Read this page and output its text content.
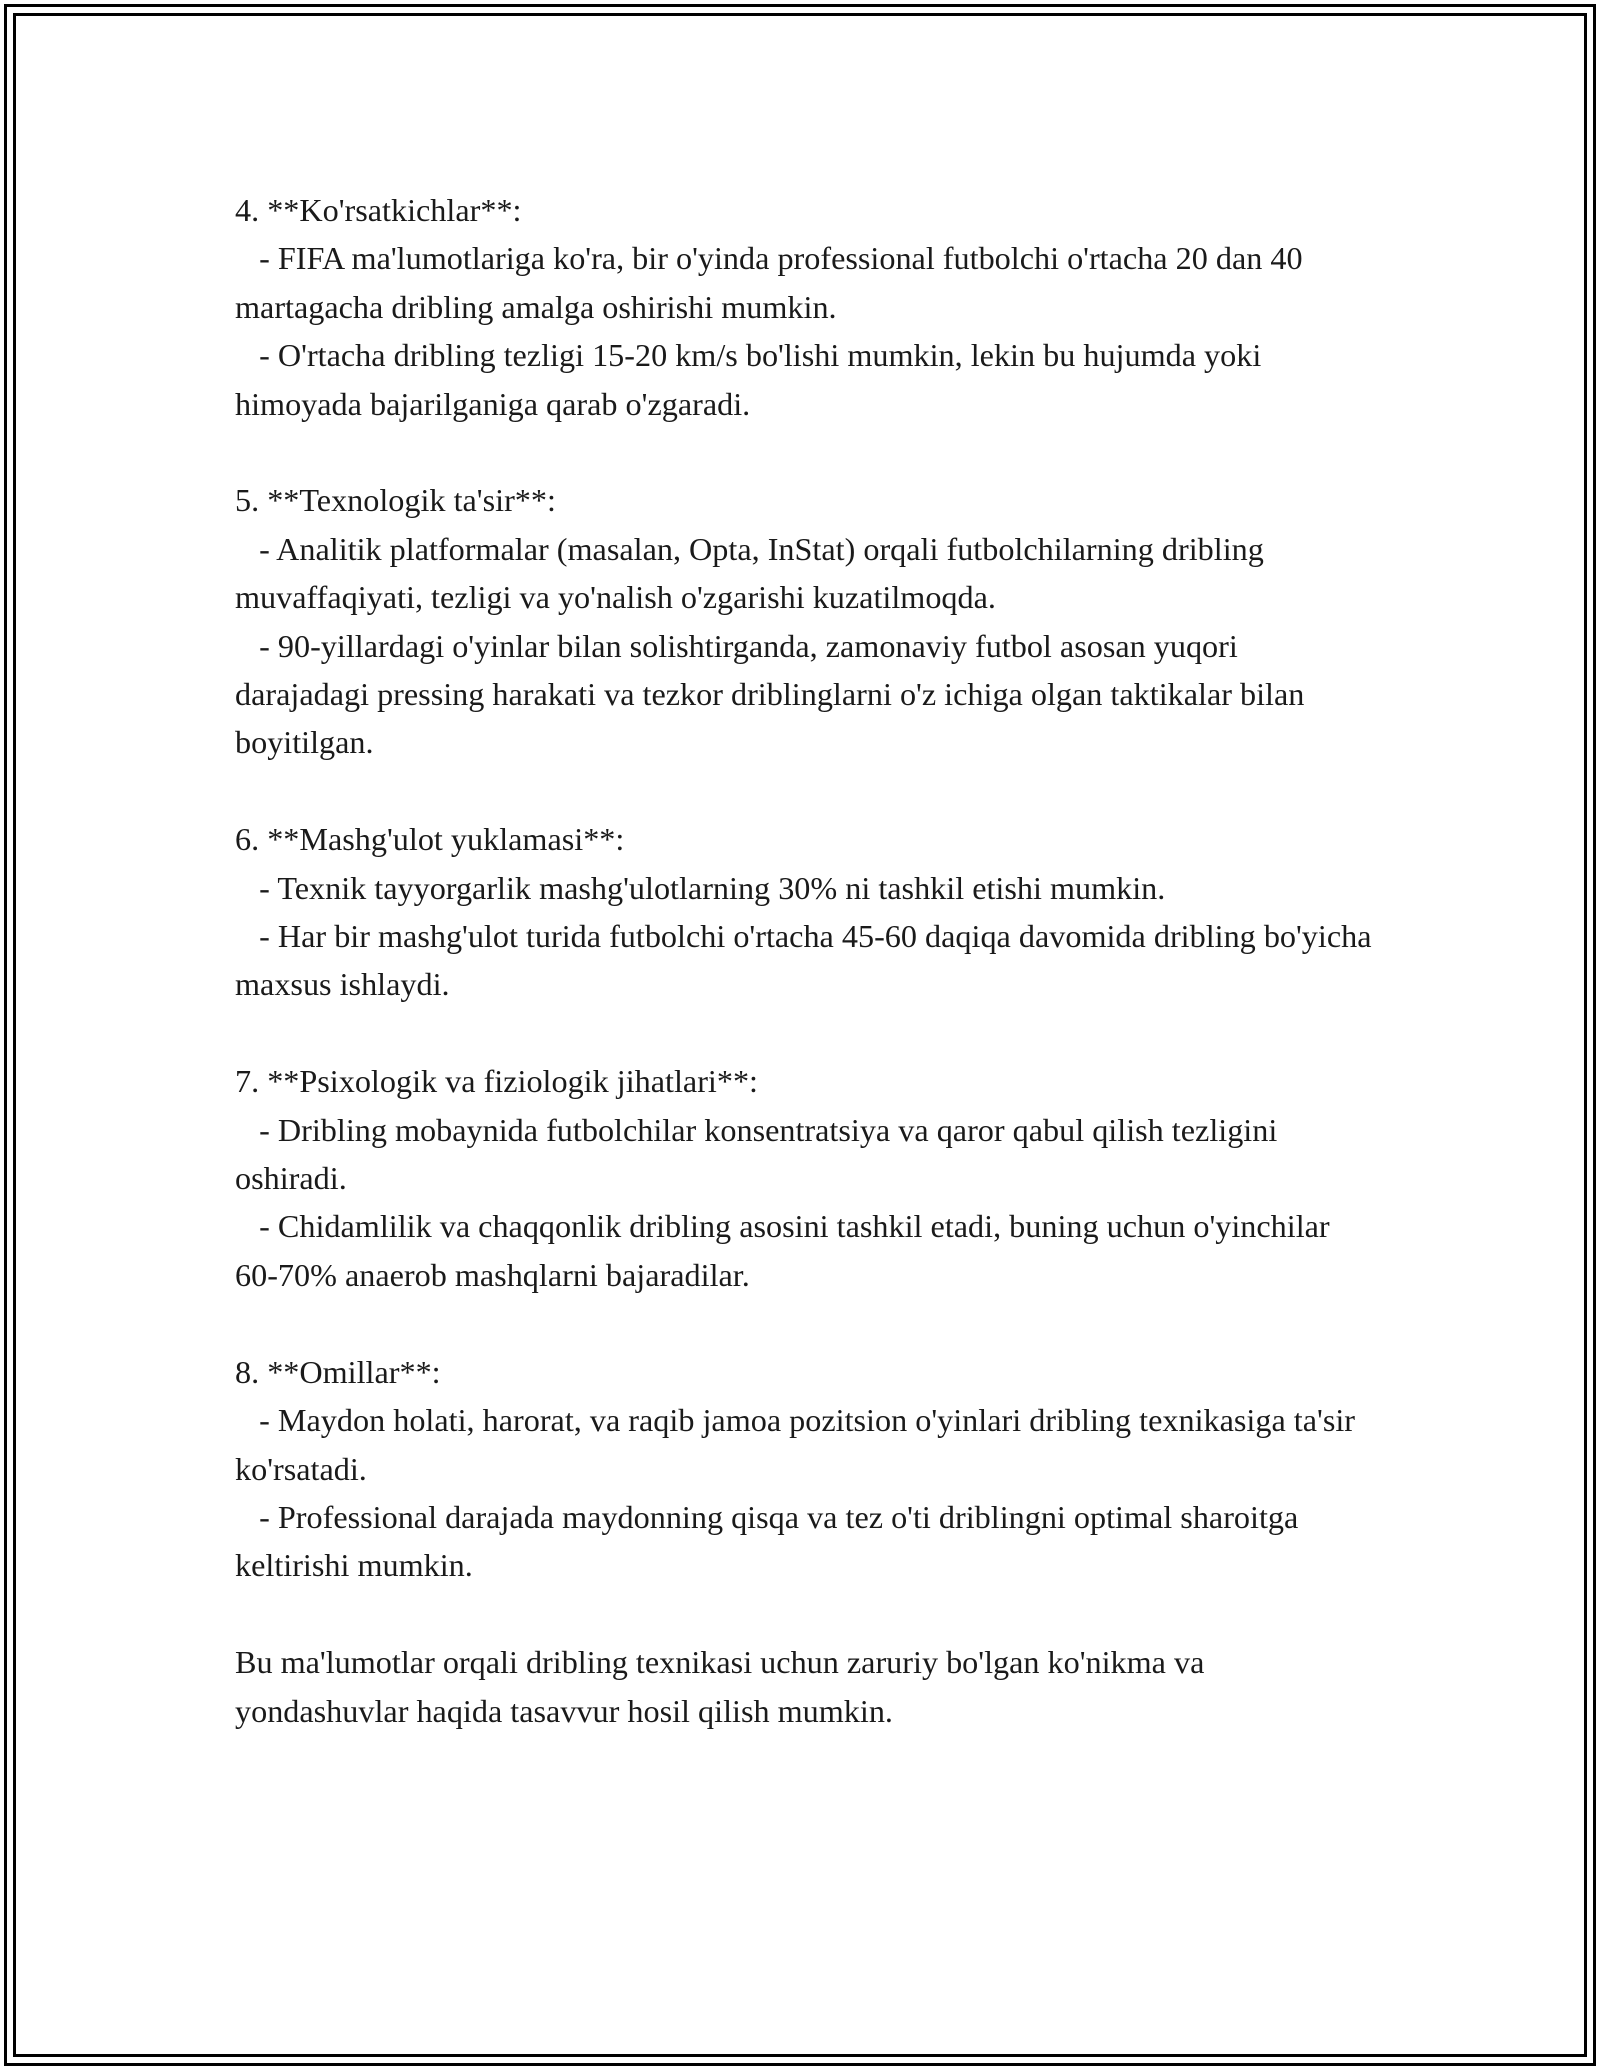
4. **Ko'rsatkichlar**:

- FIFA ma'lumotlariga ko'ra, bir o'yinda professional futbolchi o'rtacha 20 dan 40 martagacha dribling amalga oshirishi mumkin.

- O'rtacha dribling tezligi 15-20 km/s bo'lishi mumkin, lekin bu hujumda yoki himoyada bajarilganiga qarab o'zgaradi.

5. **Texnologik ta'sir**:

- Analitik platformalar (masalan, Opta, InStat) orqali futbolchilarning dribling muvaffaqiyati, tezligi va yo'nalish o'zgarishi kuzatilmoqda.

- 90-yillardagi o'yinlar bilan solishtirganda, zamonaviy futbol asosan yuqori darajadagi pressing harakati va tezkor driblinglarni o'z ichiga olgan taktikalar bilan boyitilgan.

6. **Mashg'ulot yuklamasi**:

- Texnik tayyorgarlik mashg'ulotlarning 30% ni tashkil etishi mumkin.

- Har bir mashg'ulot turida futbolchi o'rtacha 45-60 daqiqa davomida dribling bo'yicha maxsus ishlaydi.

7. **Psixologik va fiziologik jihatlari**:

- Dribling mobaynida futbolchilar konsentratsiya va qaror qabul qilish tezligini oshiradi.

- Chidamlilik va chaqqonlik dribling asosini tashkil etadi, buning uchun o'yinchilar 60-70% anaerob mashqlarni bajaradilar.

8. **Omillar**:

- Maydon holati, harorat, va raqib jamoa pozitsion o'yinlari dribling texnikasiga ta'sir ko'rsatadi.

- Professional darajada maydonning qisqa va tez o'ti driblingni optimal sharoitga keltirishi mumkin.

Bu ma'lumotlar orqali dribling texnikasi uchun zaruriy bo'lgan ko'nikma va yondashuvlar haqida tasavvur hosil qilish mumkin.
